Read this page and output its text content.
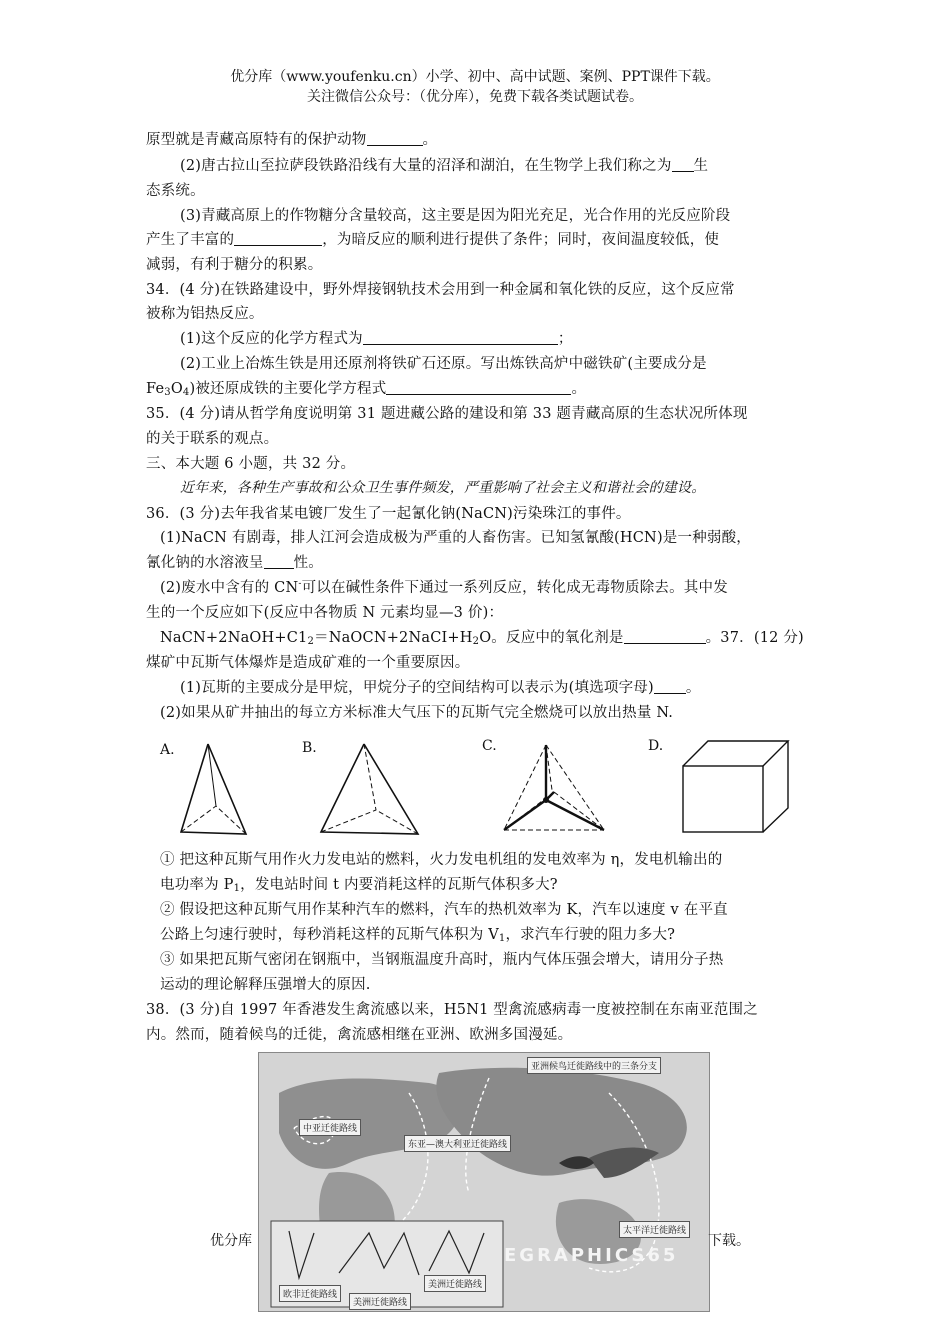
优分库（www.youfenku.cn）小学、初中、高中试题、案例、PPT课件下载。
关注微信公众号：（优分库），免费下载各类试题试卷。
原型就是青藏高原特有的保护动物	。
(2)唐古拉山至拉萨段铁路沿线有大量的沼泽和湖泊，在生物学上我们称之为 生
态系统。
(3)青藏高原上的作物糖分含量较高，这主要是因为阳光充足，光合作用的光反应阶段
产生了丰富的	，为暗反应的顺利进行提供了条件；同时，夜间温度较低，使
减弱，有利于糖分的积累。
34．(4 分)在铁路建设中，野外焊接钢轨技术会用到一种金属和氧化铁的反应，这个反应常
被称为铝热反应。
(1)这个反应的化学方程式为	；
(2)工业上冶炼生铁是用还原剂将铁矿石还原。写出炼铁高炉中磁铁矿(主要成分是
$Fe_3O_4$)被还原成铁的主要化学方程式	。
35．(4 分)请从哲学角度说明第 31 题进藏公路的建设和第 33 题青藏高原的生态状况所体现
的关于联系的观点。
三、本大题 6 小题，共 32 分。
近年来，各种生产事故和公众卫生事件频发，严重影响了社会主义和谐社会的建设。
36．(3 分)去年我省某电镀厂发生了一起氰化钠(NaCN)污染珠江的事件。
(1)NaCN 有剧毒，排人江河会造成极为严重的人畜伤害。已知氢氰酸(HCN)是一种弱酸，
氰化钠的水溶液呈 性。
(2)废水中含有的 CN-可以在碱性条件下通过一系列反应，转化成无毒物质除去。其中发
生的一个反应如下(反应中各物质 N 元素均显—3 价)：
$NaCN+2NaOH+C1_2=NaOCN+2NaCI+H_2O$。反应中的氧化剂是	。37．(12 分)
煤矿中瓦斯气体爆炸是造成矿难的一个重要原因。
(1)瓦斯的主要成分是甲烷，甲烷分子的空间结构可以表示为(填选项字母) 。
(2)如果从矿井抽出的每立方米标准大气压下的瓦斯气完全燃烧可以放出热量 N.
A.	B.	C.	D.
① 把这种瓦斯气用作火力发电站的燃料，火力发电机组的发电效率为 η，发电机输出的
电功率为 $P_1$，发电站时间 t 内要消耗这样的瓦斯气体积多大?
② 假设把这种瓦斯气用作某种汽车的燃料，汽车的热机效率为 K，汽车以速度 v 在平直
公路上匀速行驶时，每秒消耗这样的瓦斯气体积为 $V_1$，求汽车行驶的阻力多大?
③ 如果把瓦斯气密闭在钢瓶中，当钢瓶温度升高时，瓶内气体压强会增大，请用分子热
运动的理论解释压强增大的原因.
38．(3 分)自 1997 年香港发生禽流感以来，H5N1 型禽流感病毒一度被控制在东南亚范围之
内。然而，随着候鸟的迁徙，禽流感相继在亚洲、欧洲多国漫延。
亚洲候鸟迁徙路线中的三条分支
中亚迁徙路线
东亚—澳大利亚迁徙路线
太平洋迁徙路线
欧非迁徙路线
美洲迁徙路线
美洲迁徙路线
EGRAPHICS65
优分库	下载。
